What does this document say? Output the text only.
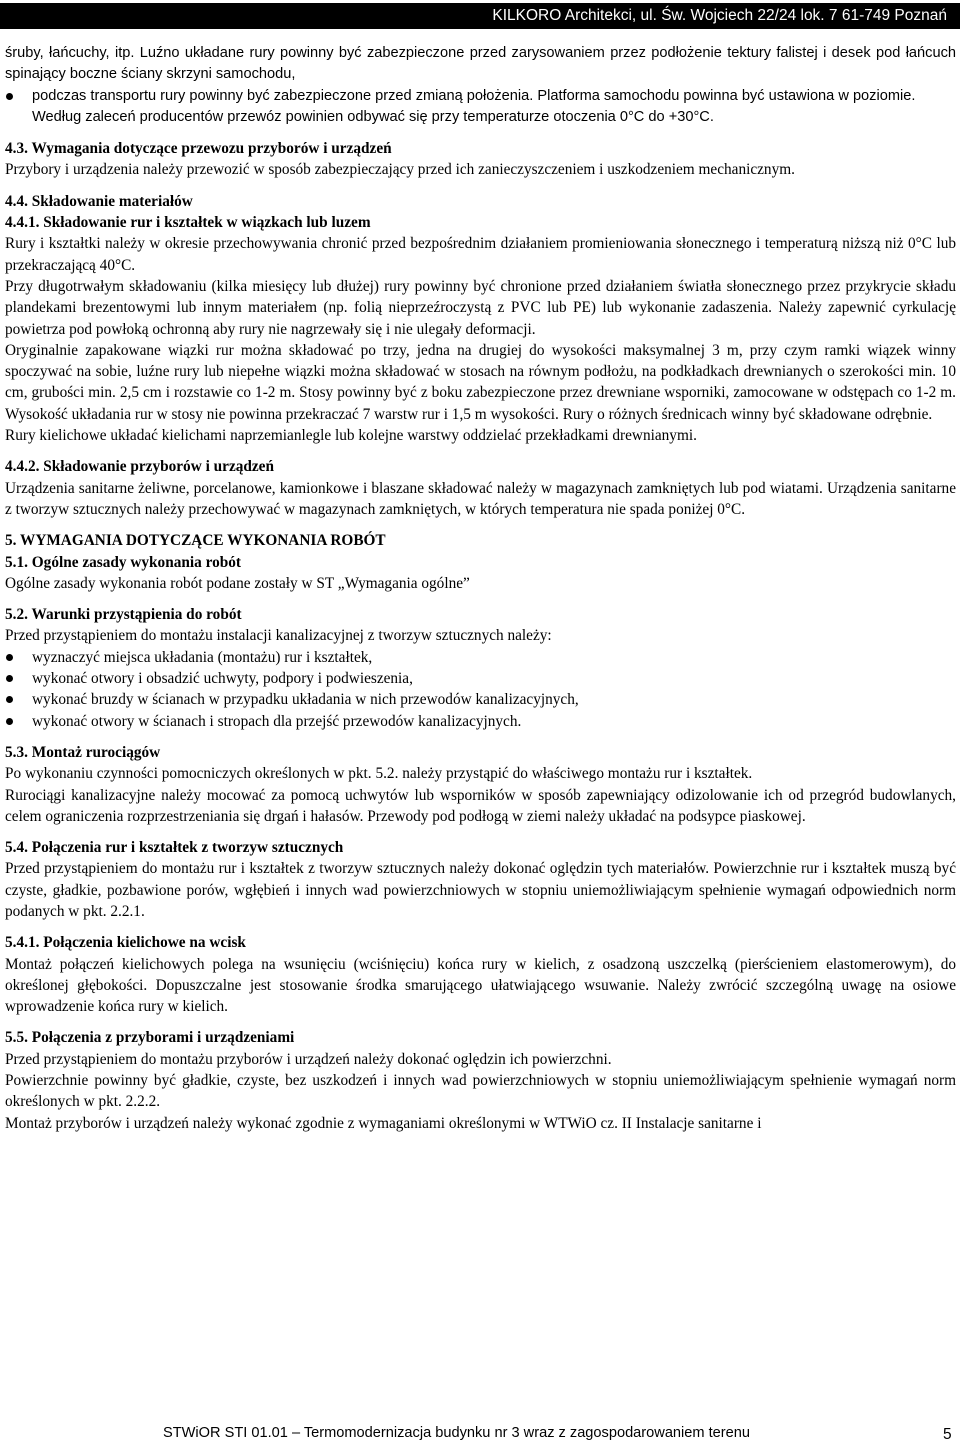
KILKORO Architekci, ul. Św. Wojciech 22/24 lok. 7 61-749 Poznań

śruby, łańcuchy, itp. Luźno układane rury powinny być zabezpieczone przed zarysowaniem przez podłożenie tektury falistej i desek pod łańcuch spinający boczne ściany skrzyni samochodu,

podczas transportu rury powinny być zabezpieczone przed zmianą położenia. Platforma samochodu powinna być ustawiona w poziomie.

Według zaleceń producentów przewóz powinien odbywać się przy temperaturze otoczenia 0°C do +30°C.

4.3. Wymagania dotyczące przewozu przyborów i urządzeń

Przybory i urządzenia należy przewozić w sposób zabezpieczający przed ich zanieczyszczeniem i uszkodzeniem mechanicznym.

4.4. Składowanie materiałów
4.4.1. Składowanie rur i kształtek w wiązkach lub luzem

Rury i kształtki należy w okresie przechowywania chronić przed bezpośrednim działaniem promieniowania słonecznego i temperaturą niższą niż 0°C lub przekraczającą 40°C.

Przy długotrwałym składowaniu (kilka miesięcy lub dłużej) rury powinny być chronione przed działaniem światła słonecznego przez przykrycie składu plandekami brezentowymi lub innym materiałem (np. folią nieprzeźroczystą z PVC lub PE) lub wykonanie zadaszenia. Należy zapewnić cyrkulację powietrza pod powłoką ochronną aby rury nie nagrzewały się i nie ulegały deformacji.

Oryginalnie zapakowane wiązki rur można składować po trzy, jedna na drugiej do wysokości maksymalnej 3 m, przy czym ramki wiązek winny spoczywać na sobie, luźne rury lub niepełne wiązki można składować w stosach na równym podłożu, na podkładkach drewnianych o szerokości min. 10 cm, grubości min. 2,5 cm i rozstawie co 1-2 m. Stosy powinny być z boku zabezpieczone przez drewniane wsporniki, zamocowane w odstępach co 1-2 m. Wysokość układania rur w stosy nie powinna przekraczać 7 warstw rur i 1,5 m wysokości. Rury o różnych średnicach winny być składowane odrębnie.

Rury kielichowe układać kielichami naprzemianlegle lub kolejne warstwy oddzielać przekładkami drewnianymi.

4.4.2. Składowanie przyborów i urządzeń

Urządzenia sanitarne żeliwne, porcelanowe, kamionkowe i blaszane składować należy w magazynach zamkniętych lub pod wiatami. Urządzenia sanitarne z tworzyw sztucznych należy przechowywać w magazynach zamkniętych, w których temperatura nie spada poniżej 0°C.

5. WYMAGANIA DOTYCZĄCE WYKONANIA ROBÓT
5.1. Ogólne zasady wykonania robót

Ogólne zasady wykonania robót podane zostały w ST „Wymagania ogólne”

5.2. Warunki przystąpienia do robót

Przed przystąpieniem do montażu instalacji kanalizacyjnej z tworzyw sztucznych należy:

wyznaczyć miejsca układania (montażu) rur i kształtek,
wykonać otwory i obsadzić uchwyty, podpory i podwieszenia,
wykonać bruzdy w ścianach w przypadku układania w nich przewodów kanalizacyjnych,
wykonać otwory w ścianach i stropach dla przejść przewodów kanalizacyjnych.
5.3. Montaż rurociągów

Po wykonaniu czynności pomocniczych określonych w pkt. 5.2. należy przystąpić do właściwego montażu rur i kształtek.

Rurociągi kanalizacyjne należy mocować za pomocą uchwytów lub wsporników w sposób zapewniający odizolowanie ich od przegród budowlanych, celem ograniczenia rozprzestrzeniania się drgań i hałasów. Przewody pod podłogą w ziemi należy układać na podsypce piaskowej.

5.4. Połączenia rur i kształtek z tworzyw sztucznych

Przed przystąpieniem do montażu rur i kształtek z tworzyw sztucznych należy dokonać oględzin tych materiałów. Powierzchnie rur i kształtek muszą być czyste, gładkie, pozbawione porów, wgłębień i innych wad powierzchniowych w stopniu uniemożliwiającym spełnienie wymagań odpowiednich norm podanych w pkt. 2.2.1.

5.4.1. Połączenia kielichowe na wcisk

Montaż połączeń kielichowych polega na wsunięciu (wciśnięciu) końca rury w kielich, z osadzoną uszczelką (pierścieniem elastomerowym), do określonej głębokości. Dopuszczalne jest stosowanie środka smarującego ułatwiającego wsuwanie. Należy zwrócić szczególną uwagę na osiowe wprowadzenie końca rury w kielich.

5.5. Połączenia z przyborami i urządzeniami

Przed przystąpieniem do montażu przyborów i urządzeń należy dokonać oględzin ich powierzchni.

Powierzchnie powinny być gładkie, czyste, bez uszkodzeń i innych wad powierzchniowych w stopniu uniemożliwiającym spełnienie wymagań norm określonych w pkt. 2.2.2.

Montaż przyborów i urządzeń należy wykonać zgodnie z wymaganiami określonymi w WTWiO cz. II Instalacje sanitarne i

STWiOR STI 01.01 – Termomodernizacja budynku nr 3 wraz z zagospodarowaniem terenu	5
